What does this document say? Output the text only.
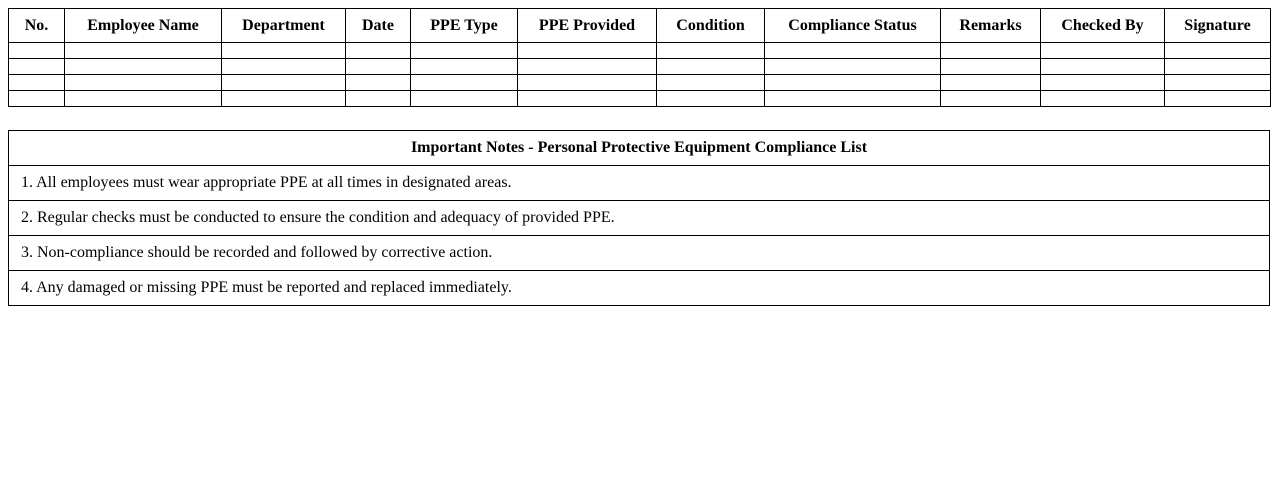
No.	Employee Name	Department	Date	PPE Type	PPE Provided	Condition	Compliance Status	Remarks	Checked By	Signature

Important Notes - Personal Protective Equipment Compliance List
1. All employees must wear appropriate PPE at all times in designated areas.
2. Regular checks must be conducted to ensure the condition and adequacy of provided PPE.
3. Non-compliance should be recorded and followed by corrective action.
4. Any damaged or missing PPE must be reported and replaced immediately.
